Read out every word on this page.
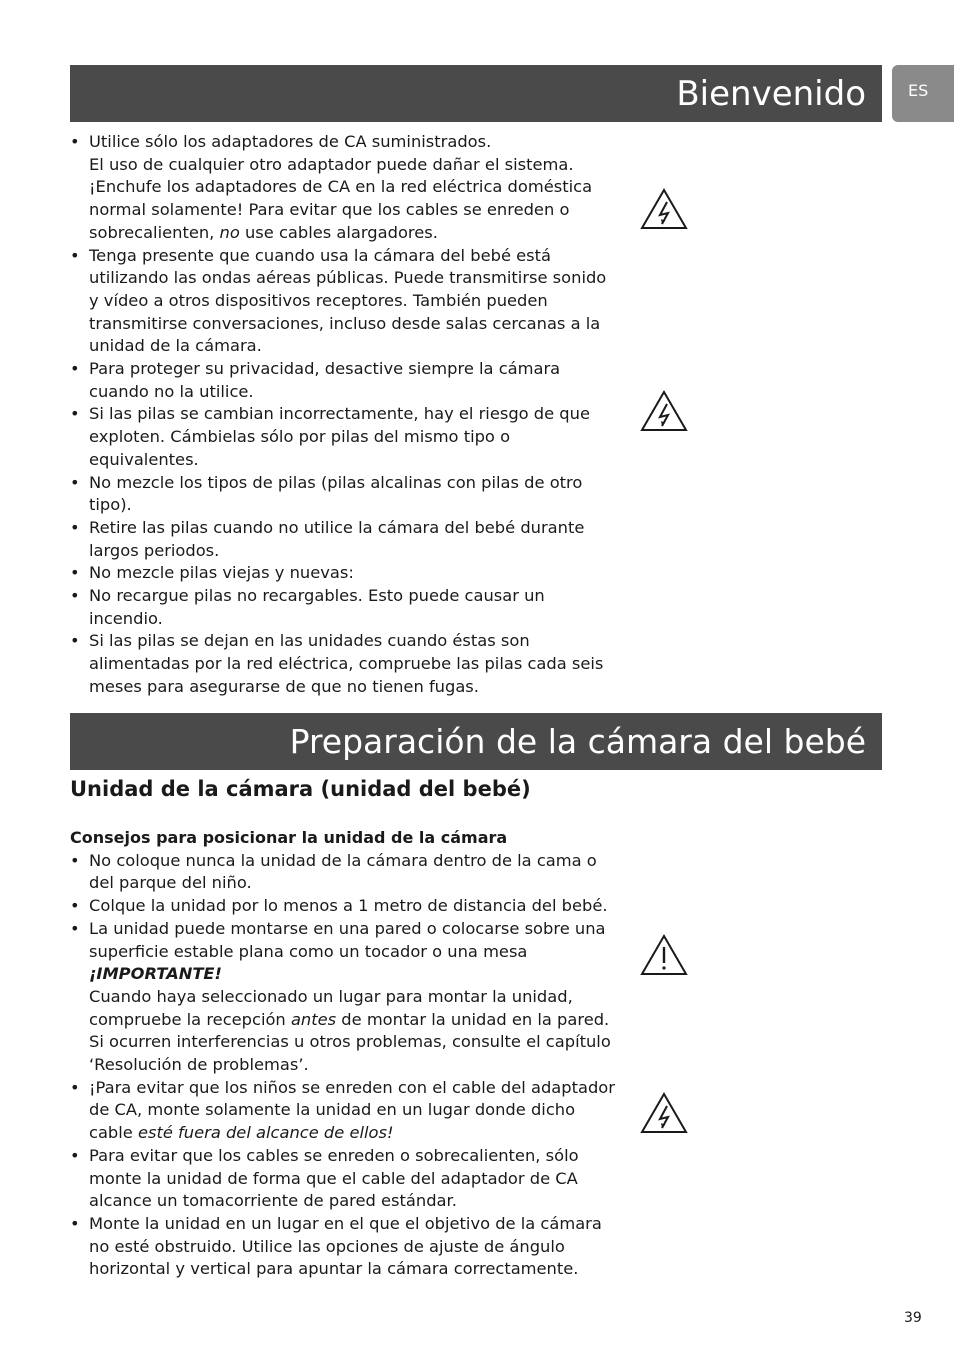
Bienvenido	ES
• Utilice sólo los adaptadores de CA suministrados.
El uso de cualquier otro adaptador puede dañar el sistema.
¡Enchufe los adaptadores de CA en la red eléctrica doméstica normal solamente! Para evitar que los cables se enreden o sobrecalienten, no use cables alargadores.
• Tenga presente que cuando usa la cámara del bebé está utilizando las ondas aéreas públicas. Puede transmitirse sonido y vídeo a otros dispositivos receptores. También pueden transmitirse conversaciones, incluso desde salas cercanas a la unidad de la cámara.
• Para proteger su privacidad, desactive siempre la cámara cuando no la utilice.
• Si las pilas se cambian incorrectamente, hay el riesgo de que exploten. Cámbielas sólo por pilas del mismo tipo o equivalentes.
• No mezcle los tipos de pilas (pilas alcalinas con pilas de otro tipo).
• Retire las pilas cuando no utilice la cámara del bebé durante largos periodos.
• No mezcle pilas viejas y nuevas:
• No recargue pilas no recargables. Esto puede causar un incendio.
• Si las pilas se dejan en las unidades cuando éstas son alimentadas por la red eléctrica, compruebe las pilas cada seis meses para asegurarse de que no tienen fugas.
Preparación de la cámara del bebé
Unidad de la cámara (unidad del bebé)

Consejos para posicionar la unidad de la cámara

• No coloque nunca la unidad de la cámara dentro de la cama o del parque del niño.
• Colque la unidad por lo menos a 1 metro de distancia del bebé.
• La unidad puede montarse en una pared o colocarse sobre una superficie estable plana como un tocador o una mesa
¡IMPORTANTE!
Cuando haya seleccionado un lugar para montar la unidad, compruebe la recepción antes de montar la unidad en la pared. Si ocurren interferencias u otros problemas, consulte el capítulo ‘Resolución de problemas’.
• ¡Para evitar que los niños se enreden con el cable del adaptador de CA, monte solamente la unidad en un lugar donde dicho cable esté fuera del alcance de ellos!
• Para evitar que los cables se enreden o sobrecalienten, sólo monte la unidad de forma que el cable del adaptador de CA alcance un tomacorriente de pared estándar.
• Monte la unidad en un lugar en el que el objetivo de la cámara no esté obstruido. Utilice las opciones de ajuste de ángulo horizontal y vertical para apuntar la cámara correctamente.
39
